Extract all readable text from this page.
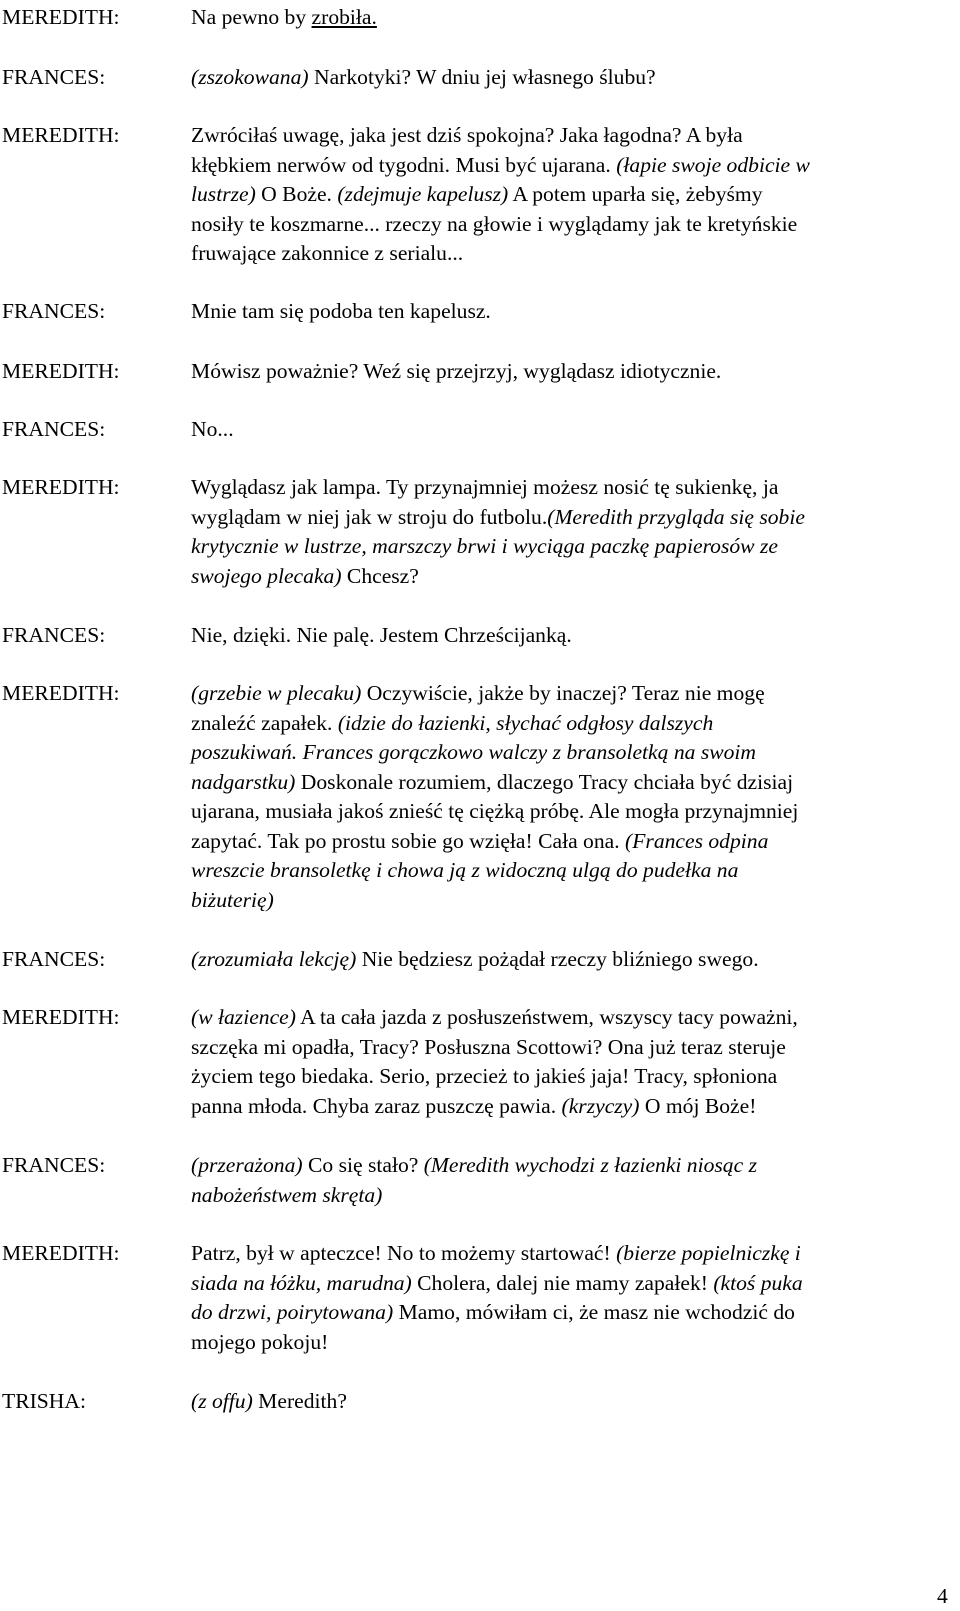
MEREDITH:	Na pewno by zrobiła.
FRANCES:	(zszokowana) Narkotyki? W dniu jej własnego ślubu?
MEREDITH:	Zwróciłaś uwagę, jaka jest dziś spokojna? Jaka łagodna? A była
kłębkiem nerwów od tygodni. Musi być ujarana. (łapie swoje odbicie w
lustrze) O Boże. (zdejmuje kapelusz) A potem uparła się, żebyśmy
nosiły te koszmarne... rzeczy na głowie i wyglądamy jak te kretyńskie
fruwające zakonnice z serialu...
FRANCES:	Mnie tam się podoba ten kapelusz.
MEREDITH:	Mówisz poważnie? Weź się przejrzyj, wyglądasz idiotycznie.
FRANCES:	No...
MEREDITH:	Wyglądasz jak lampa. Ty przynajmniej możesz nosić tę sukienkę, ja
wyglądam w niej jak w stroju do futbolu.(Meredith przygląda się sobie
krytycznie w lustrze, marszczy brwi i wyciąga paczkę papierosów ze
swojego plecaka) Chcesz?
FRANCES:	Nie, dzięki. Nie palę. Jestem Chrześcijanką.
MEREDITH:	(grzebie w plecaku) Oczywiście, jakże by inaczej? Teraz nie mogę
znaleźć zapałek. (idzie do łazienki, słychać odgłosy dalszych
poszukiwań. Frances gorączkowo walczy z bransoletką na swoim
nadgarstku) Doskonale rozumiem, dlaczego Tracy chciała być dzisiaj
ujarana, musiała jakoś znieść tę ciężką próbę. Ale mogła przynajmniej
zapytać. Tak po prostu sobie go wzięła! Cała ona. (Frances odpina
wreszcie bransoletkę i chowa ją z widoczną ulgą do pudełka na
biżuterię)
FRANCES:	(zrozumiała lekcję) Nie będziesz pożądał rzeczy bliźniego swego.
MEREDITH:	(w łazience) A ta cała jazda z posłuszeństwem, wszyscy tacy poważni,
szczęka mi opadła, Tracy? Posłuszna Scottowi? Ona już teraz steruje
życiem tego biedaka. Serio, przecież to jakieś jaja! Tracy, spłoniona
panna młoda. Chyba zaraz puszczę pawia. (krzyczy) O mój Boże!
FRANCES:	(przerażona) Co się stało? (Meredith wychodzi z łazienki niosąc z
nabożeństwem skręta)
MEREDITH:	Patrz, był w apteczce! No to możemy startować! (bierze popielniczkę i
siada na łóżku, marudna) Cholera, dalej nie mamy zapałek! (ktoś puka
do drzwi, poirytowana) Mamo, mówiłam ci, że masz nie wchodzić do
mojego pokoju!
TRISHA:	(z offu) Meredith?
4
